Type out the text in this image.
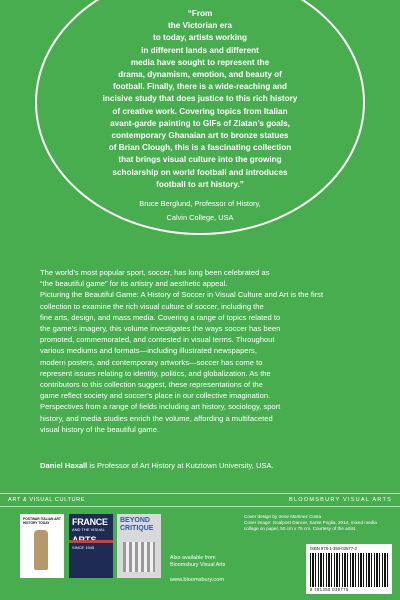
“From
the Victorian era
to today, artists working
in different lands and different
media have sought to represent the
drama, dynamism, emotion, and beauty of
football. Finally, there is a wide-reaching and
incisive study that does justice to this rich history
of creative work. Covering topics from Italian
avant-garde painting to GIFs of Zlatan’s goals,
contemporary Ghanaian art to bronze statues
of Brian Clough, this is a fascinating collection
that brings visual culture into the growing
scholarship on world football and introduces
football to art history.”
Bruce Berglund, Professor of History,
Calvin College, USA
The world’s most popular sport, soccer, has long been celebrated as
“the beautiful game” for its artistry and aesthetic appeal.
Picturing the Beautiful Game: A History of Soccer in Visual Culture and Art is the first
collection to examine the rich visual culture of soccer, including the
fine arts, design, and mass media. Covering a range of topics related to
the game’s imagery, this volume investigates the ways soccer has been
promoted, commemorated, and contested in visual terms. Throughout
various mediums and formats—including illustrated newspapers,
modern posters, and contemporary artworks—soccer has come to
represent issues relating to identity, politics, and globalization. As the
contributors to this collection suggest, these representations of the
game reflect society and soccer’s place in our collective imagination.
Perspectives from a range of fields including art history, sociology, sport
history, and media studies enrich the volume, affording a multifaceted
visual history of the beautiful game.
Daniel Haxall is Professor of Art History at Kutztown University, USA.
ART & VISUAL CULTURE	BLOOMSBURY VISUAL ARTS
POSTWAR ITALIAN ART HISTORY TODAY	FRANCE
AND THE VISUAL
SINCE 1945
BEYOND CRITIQUE
Also available from
Bloomsbury Visual Arts
www.bloomsbury.com
Cover design by Irene Martinez Costa
Cover image: Goalpost Dancer, Sante Poglia, 2014, mixed media
collage on paper, 50 cm x 75 cm. Courtesy of the artist.
ISBN 978-1-350-03577-3
9 781350 035775
